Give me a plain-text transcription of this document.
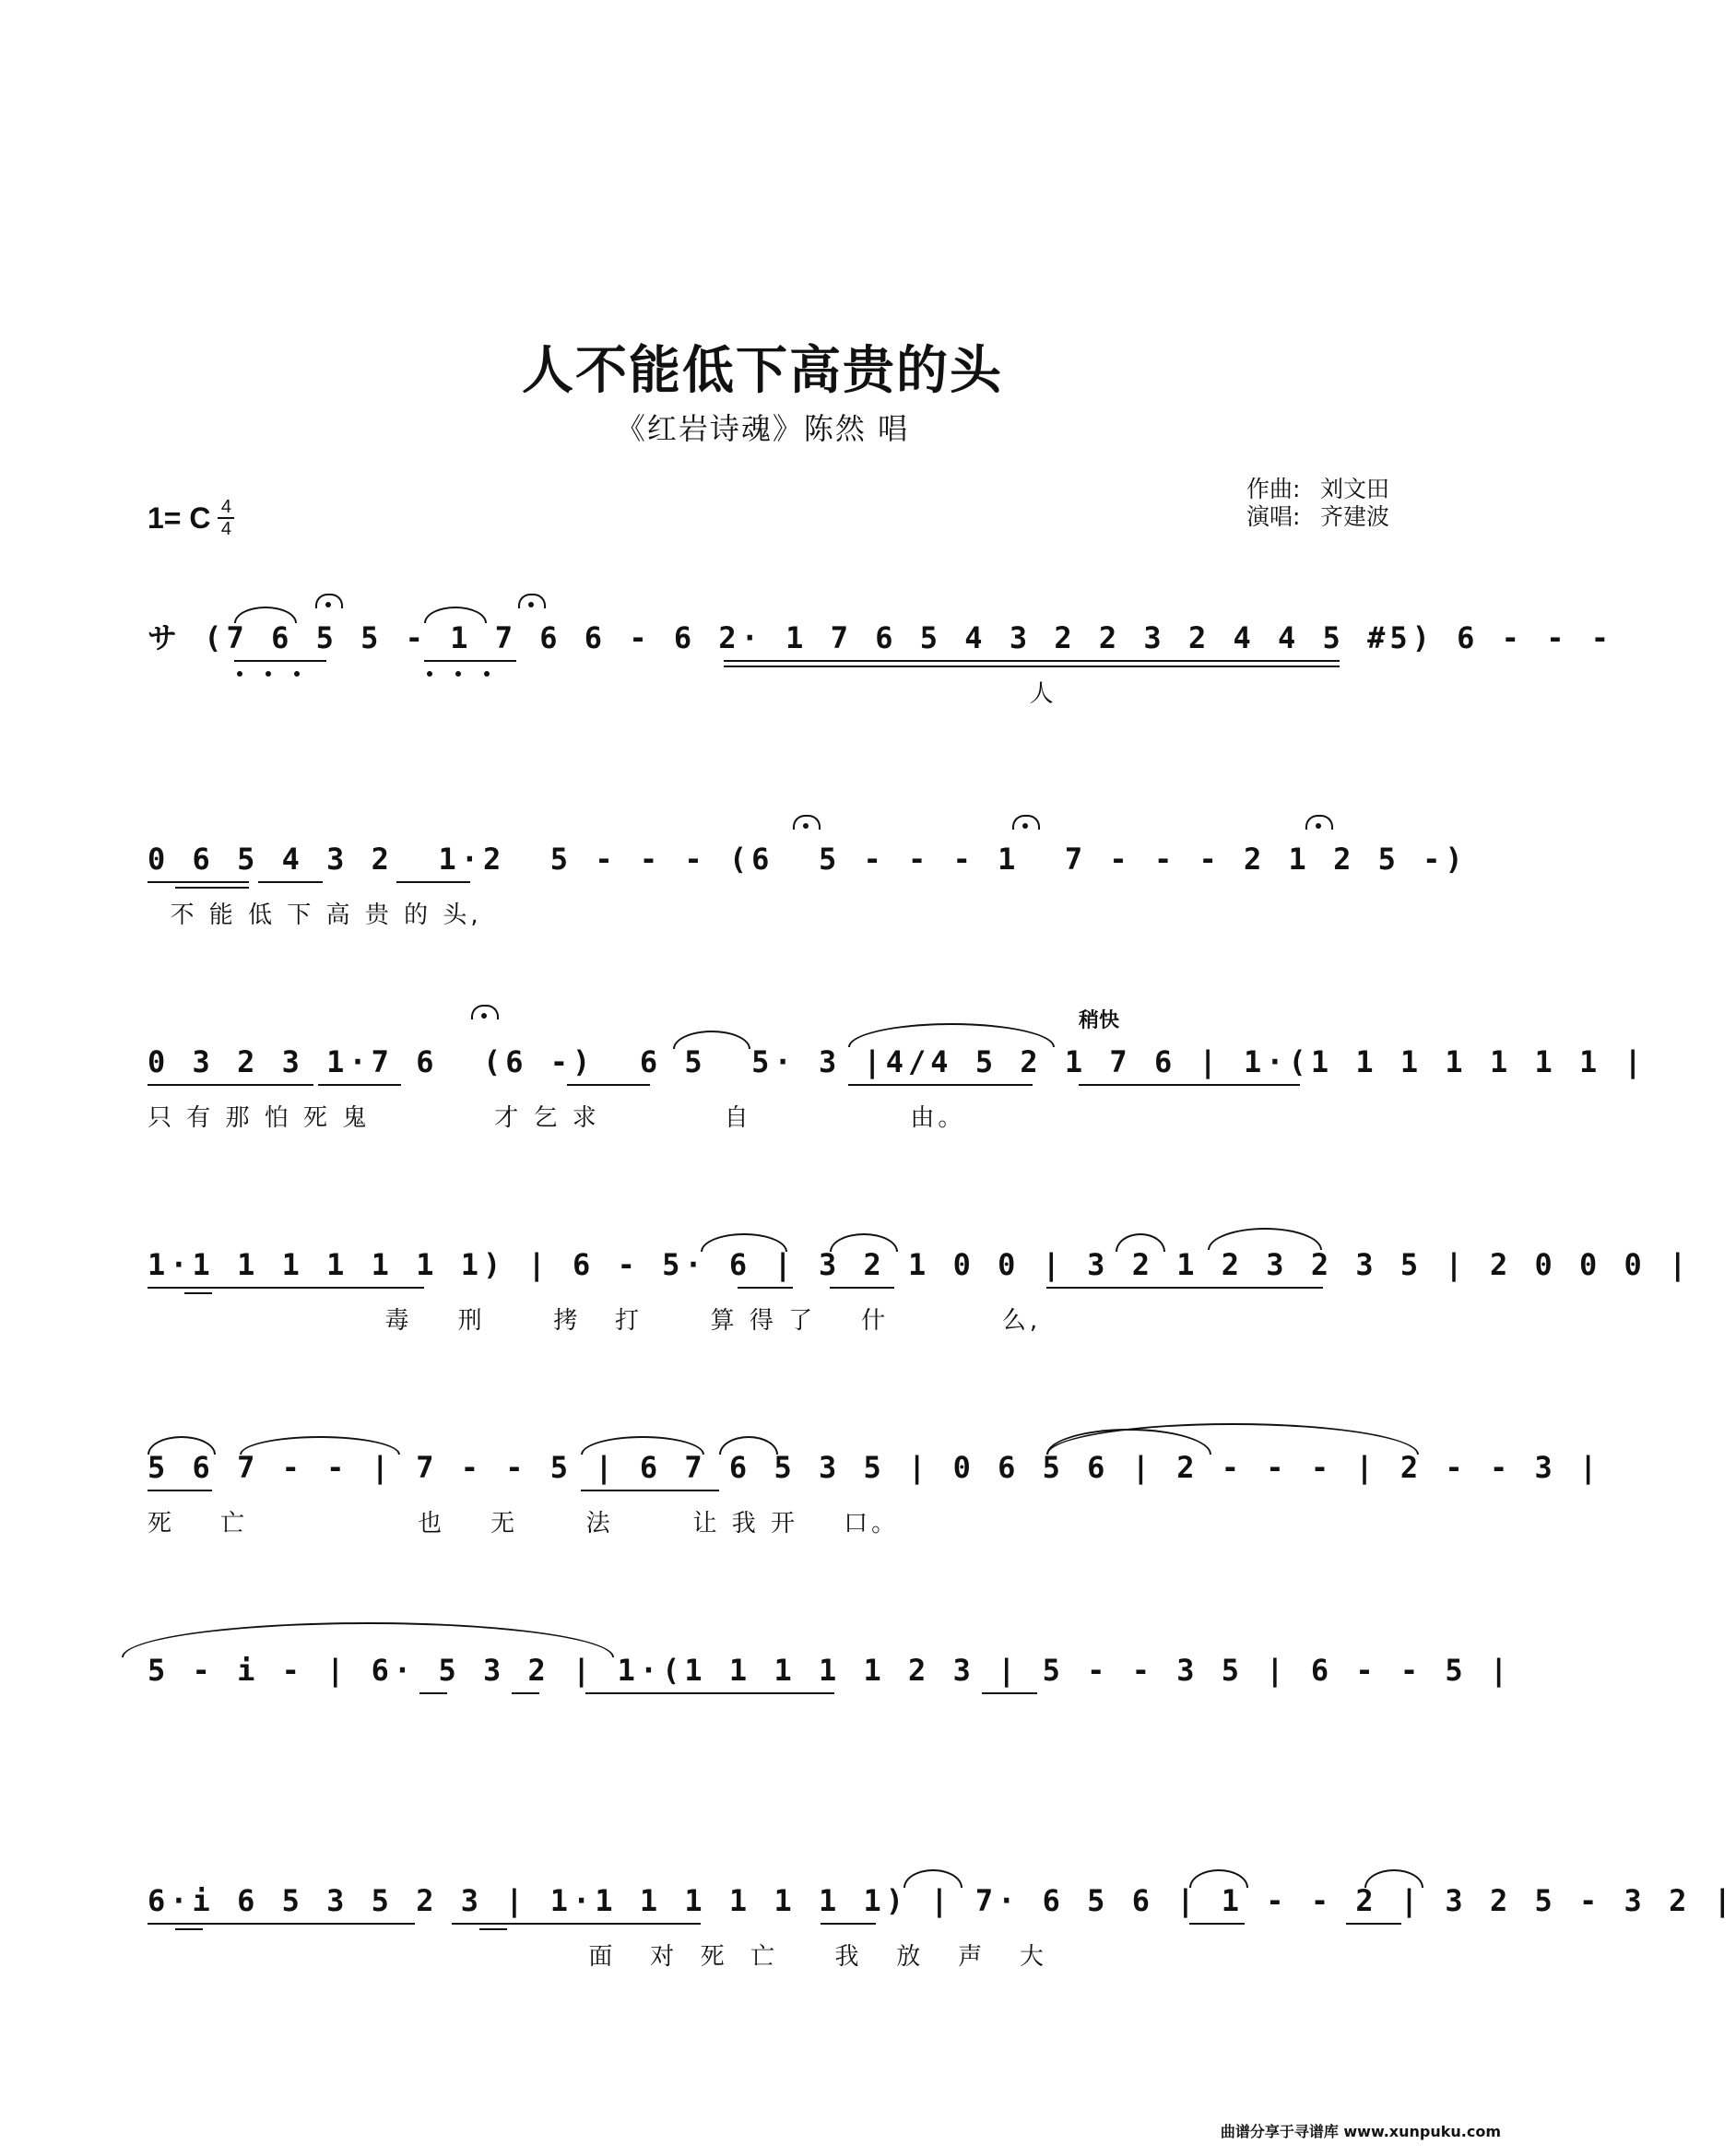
人不能低下高贵的头
《红岩诗魂》陈然 唱
1= C 4
4
作曲: 刘文田
演唱: 齐建波
サ (7 6 5 5 - 1 7 6 6 - 6 2· 1 7 6 5 4 3 2 2 3 2 4 4 5 #5) 6 - - -
人
0 6 5 4 3 2  1·2  5 - - - (6  5 - - - 1  7 - - - 2 1 2 5 -)
不 能 低 下 高 贵 的 头,
稍快
0 3 2 3 1·7 6  (6 -)  6 5  5· 3 |4/4 5 2 1 7 6 | 1·(1 1 1 1 1 1 1 |
只 有 那 怕 死 鬼           才 乞 求           自              由。
1·1 1 1 1 1 1 1) | 6 - 5· 6 | 3 2 1 0 0 | 3 2 1 2 3 2 3 5 | 2 0 0 0 |
毒    刑      拷   打      算 得 了    什          么,
5 6 7 - - | 7 - - 5 | 6 7 6 5 3 5 | 0 6 5 6 | 2 - - - | 2 - - 3 |
死    亡               也    无      法       让 我 开    口。
5 - i - | 6· 5 3 2 | 1·(1 1 1 1 1 2 3 | 5 - - 3 5 | 6 - - 5 |
6·i 6 5 3 5 2 3 | 1·1 1 1 1 1 1 1) | 7· 6 5 6 | 1 - - 2 | 3 2 5 - 3 2 |
面   对  死  亡     我   放   声   大
曲谱分享于寻谱库 www.xunpuku.com
